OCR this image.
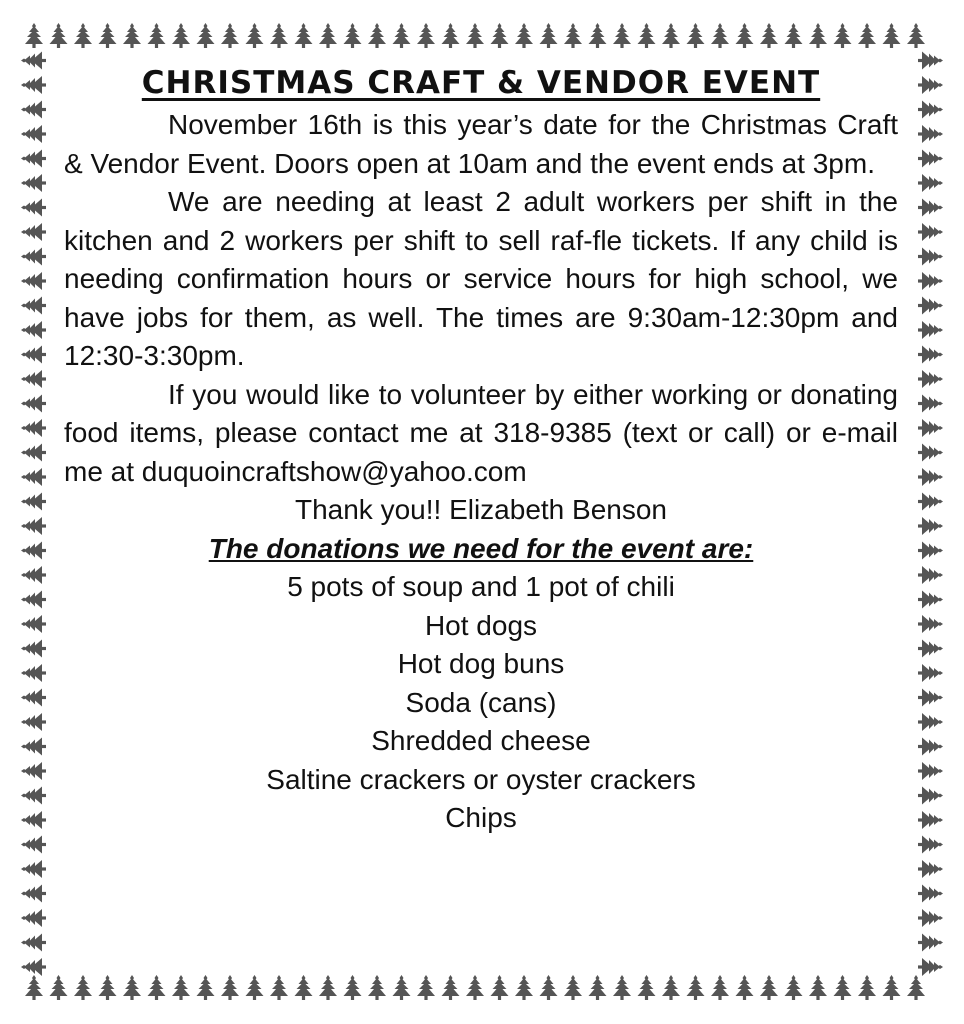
CHRISTMAS CRAFT & VENDOR EVENT

November 16th is this year’s date for the Christmas Craft & Vendor Event. Doors open at 10am and the event ends at 3pm.

We are needing at least 2 adult workers per shift in the kitchen and 2 workers per shift to sell raf-fle tickets. If any child is needing confirmation hours or service hours for high school, we have jobs for them, as well. The times are 9:30am-12:30pm and 12:30-3:30pm.

If you would like to volunteer by either working or donating food items, please contact me at 318-9385 (text or call) or e-mail me at duquoincraftshow@yahoo.com

Thank you!! Elizabeth Benson

The donations we need for the event are:

5 pots of soup and 1 pot of chili
Hot dogs
Hot dog buns
Soda (cans)
Shredded cheese
Saltine crackers or oyster crackers
Chips
